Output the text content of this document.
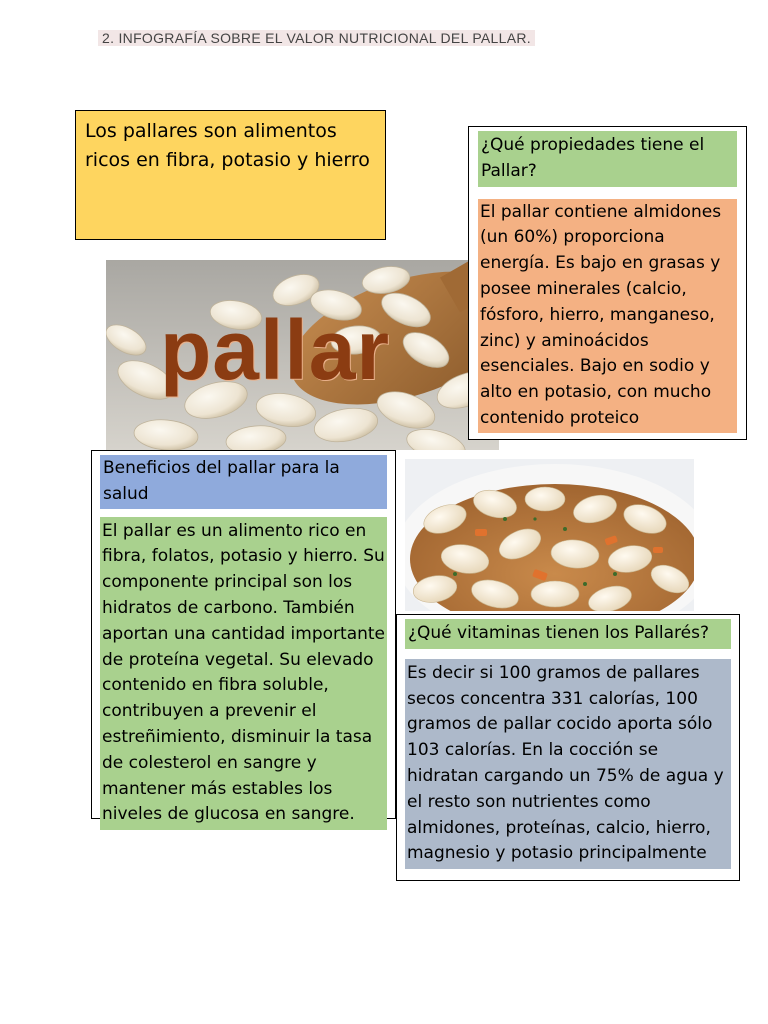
2. INFOGRAFÍA SOBRE EL VALOR NUTRICIONAL DEL PALLAR.
Los pallares son alimentos ricos en fibra, potasio y hierro
pallar
¿Qué propiedades tiene el Pallar?
El pallar contiene almidones (un 60%) proporciona energía. Es bajo en grasas y posee minerales (calcio, fósforo, hierro, manganeso, zinc) y aminoácidos esenciales. Bajo en sodio y alto en potasio, con mucho contenido proteico
Beneficios del pallar para la salud
El pallar es un alimento rico en fibra, folatos, potasio y hierro. Su componente principal son los hidratos de carbono. También aportan una cantidad importante de proteína vegetal. Su elevado contenido en fibra soluble, contribuyen a prevenir el estreñimiento, disminuir la tasa de colesterol en sangre y mantener más estables los niveles de glucosa en sangre.
¿Qué vitaminas tienen los Pallarés?
Es decir si 100 gramos de pallares secos concentra 331 calorías, 100 gramos de pallar cocido aporta sólo 103 calorías. En la cocción se hidratan cargando un 75% de agua y el resto son nutrientes como almidones, proteínas, calcio, hierro, magnesio y potasio principalmente
